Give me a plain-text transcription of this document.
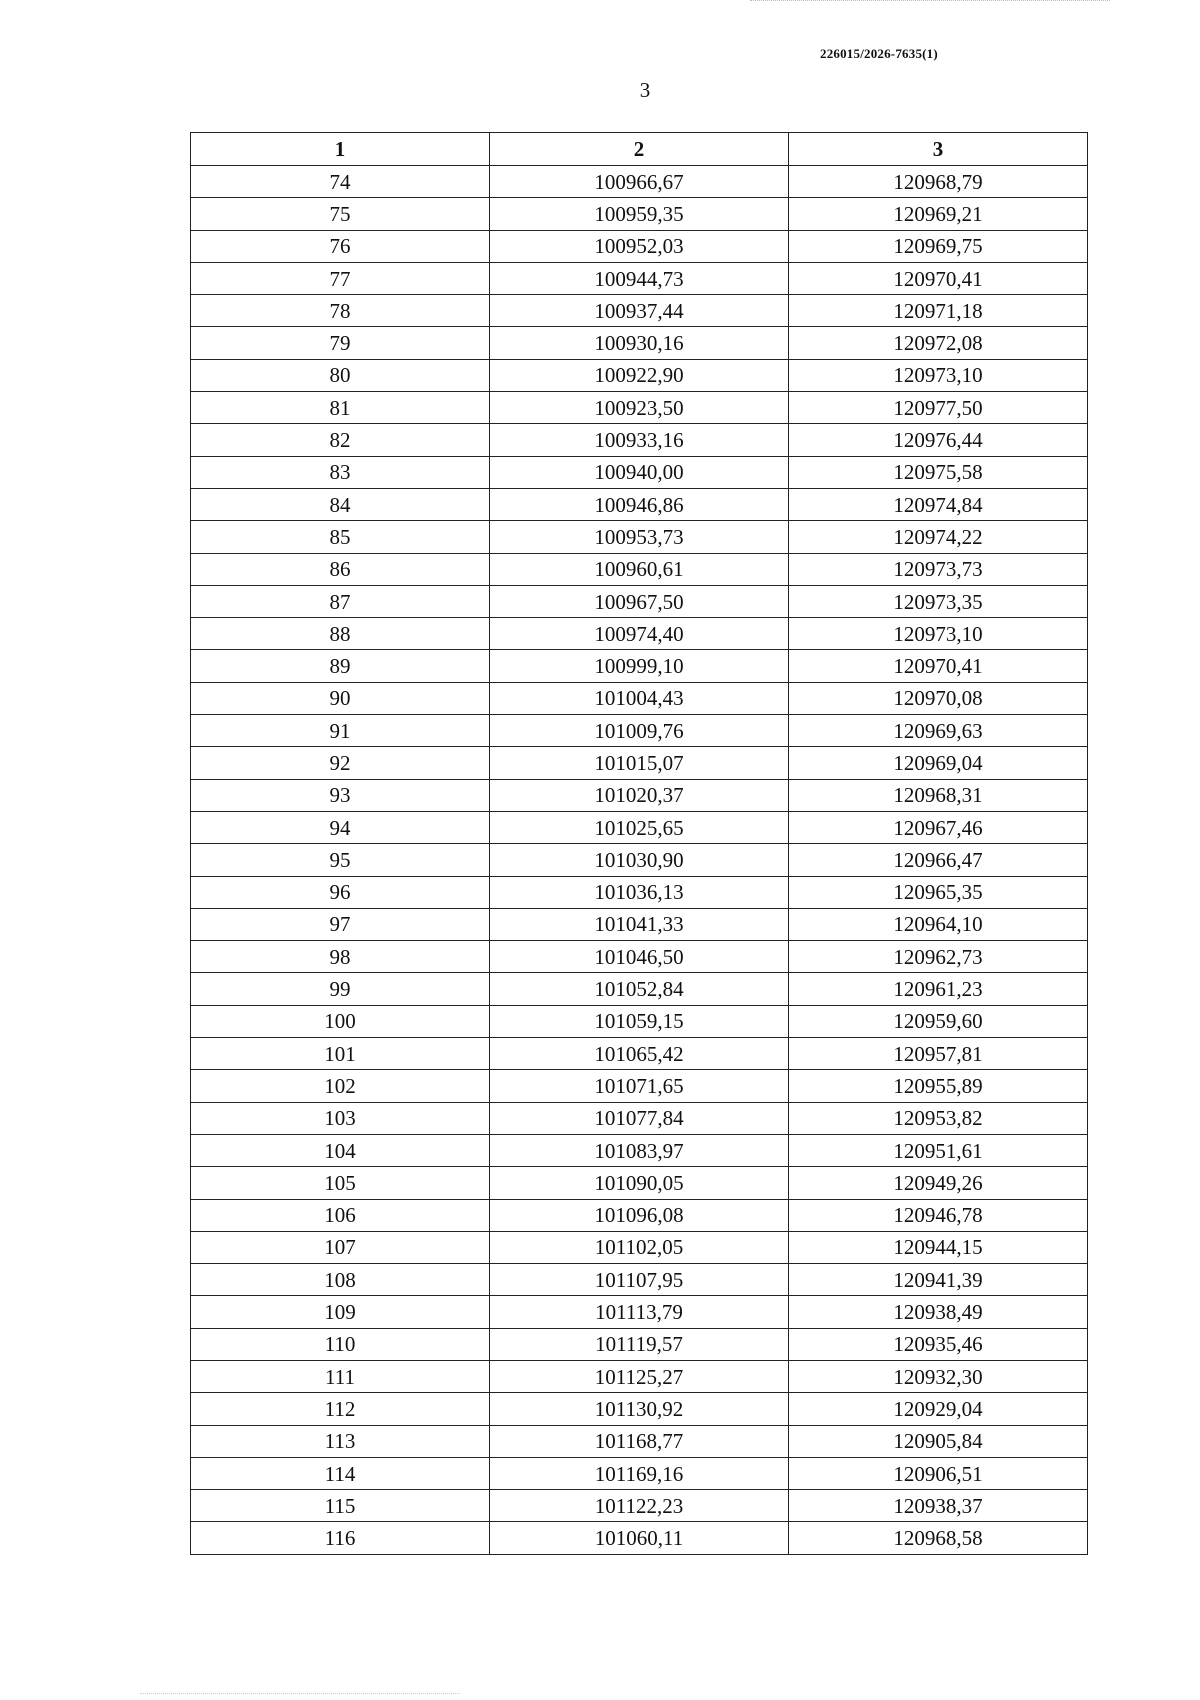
226015/2026-7635(1)
3
1	2	3
74	100966,67	120968,79
75	100959,35	120969,21
76	100952,03	120969,75
77	100944,73	120970,41
78	100937,44	120971,18
79	100930,16	120972,08
80	100922,90	120973,10
81	100923,50	120977,50
82	100933,16	120976,44
83	100940,00	120975,58
84	100946,86	120974,84
85	100953,73	120974,22
86	100960,61	120973,73
87	100967,50	120973,35
88	100974,40	120973,10
89	100999,10	120970,41
90	101004,43	120970,08
91	101009,76	120969,63
92	101015,07	120969,04
93	101020,37	120968,31
94	101025,65	120967,46
95	101030,90	120966,47
96	101036,13	120965,35
97	101041,33	120964,10
98	101046,50	120962,73
99	101052,84	120961,23
100	101059,15	120959,60
101	101065,42	120957,81
102	101071,65	120955,89
103	101077,84	120953,82
104	101083,97	120951,61
105	101090,05	120949,26
106	101096,08	120946,78
107	101102,05	120944,15
108	101107,95	120941,39
109	101113,79	120938,49
110	101119,57	120935,46
111	101125,27	120932,30
112	101130,92	120929,04
113	101168,77	120905,84
114	101169,16	120906,51
115	101122,23	120938,37
116	101060,11	120968,58
